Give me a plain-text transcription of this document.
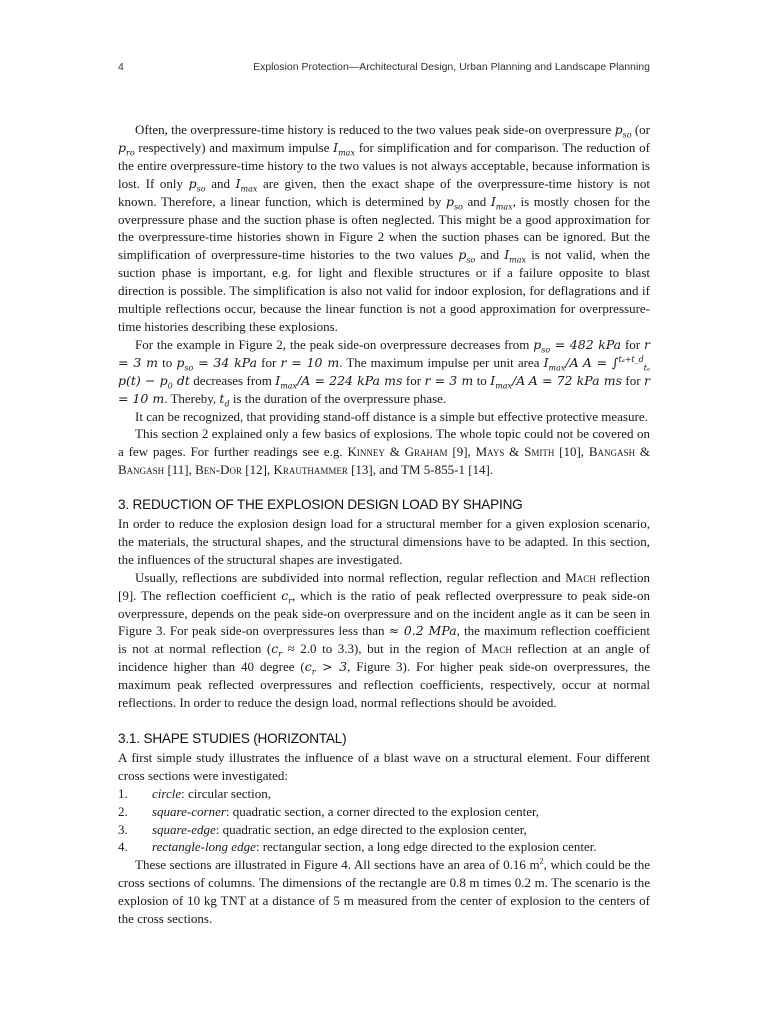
4	Explosion Protection—Architectural Design, Urban Planning and Landscape Planning

Often, the overpressure-time history is reduced to the two values peak side-on overpressure $p_{so}$ (or $p_{ro}$ respectively) and maximum impulse $I_{max}$ for simplification and for comparison. The reduction of the entire overpressure-time history to the two values is not always acceptable, because information is lost. If only $p_{so}$ and $I_{max}$ are given, then the exact shape of the overpressure-time history is not known. Therefore, a linear function, which is determined by $p_{so}$ and $I_{max}$, is mostly chosen for the overpressure phase and the suction phase is often neglected. This might be a good approximation for the overpressure-time histories shown in Figure 2 when the suction phases can be ignored. But the simplification of overpressure-time histories to the two values $p_{so}$ and $I_{max}$ is not valid, when the suction phase is important, e.g. for light and flexible structures or if a failure opposite to blast direction is possible. The simplification is also not valid for indoor explosion, for deflagrations and if multiple reflections occur, because the linear function is not a good approximation for overpressure-time histories describing these explosions.

For the example in Figure 2, the peak side-on overpressure decreases from $p_{so} = 482$ kPa for r = 3 m to $p_{so} = 34$ kPa for r = 10 m. The maximum impulse per unit area $I_{max}/A$ A = ∫$^{t_a+t\_d}_{t_a}$ $p(t) - p_0$ dt decreases from $I_{max}/A = 224$ kPa ms for r = 3 m to $I_{max}/A$ A = 72 kPa ms for r = 10 m. Thereby, $t_d$ is the duration of the overpressure phase.

It can be recognized, that providing stand-off distance is a simple but effective protective measure.

This section 2 explained only a few basics of explosions. The whole topic could not be covered on a few pages. For further readings see e.g. Kinney & Graham [9], Mays & Smith [10], Bangash & Bangash [11], Ben-Dor [12], Krauthammer [13], and TM 5-855-1 [14].

3. REDUCTION OF THE EXPLOSION DESIGN LOAD BY SHAPING

In order to reduce the explosion design load for a structural member for a given explosion scenario, the materials, the structural shapes, and the structural dimensions have to be adapted. In this section, the influences of the structural shapes are investigated.

Usually, reflections are subdivided into normal reflection, regular reflection and Mach reflection [9]. The reflection coefficient $c_r$, which is the ratio of peak reflected overpressure to peak side-on overpressure, depends on the peak side-on overpressure and on the incident angle as it can be seen in Figure 3. For peak side-on overpressures less than ≈ 0.2 MPa, the maximum reflection coefficient is not at normal reflection ($c_r \approx 2.0$ to 3.3), but in the region of Mach reflection at an angle of incidence higher than 40 degree ($c_r > 3$, Figure 3). For higher peak side-on overpressures, the maximum peak reflected overpressures and reflection coefficients, respectively, occur at normal reflections. In order to reduce the design load, normal reflections should be avoided.

3.1. SHAPE STUDIES (HORIZONTAL)

A first simple study illustrates the influence of a blast wave on a structural element. Four different cross sections were investigated:

1.	circle: circular section,
2.	square-corner: quadratic section, a corner directed to the explosion center,
3.	square-edge: quadratic section, an edge directed to the explosion center,
4.	rectangle-long edge: rectangular section, a long edge directed to the explosion center.

These sections are illustrated in Figure 4. All sections have an area of 0.16 $m^2$, which could be the cross sections of columns. The dimensions of the rectangle are 0.8 m times 0.2 m. The scenario is the explosion of 10 kg TNT at a distance of 5 m measured from the center of explosion to the centers of the cross sections.
